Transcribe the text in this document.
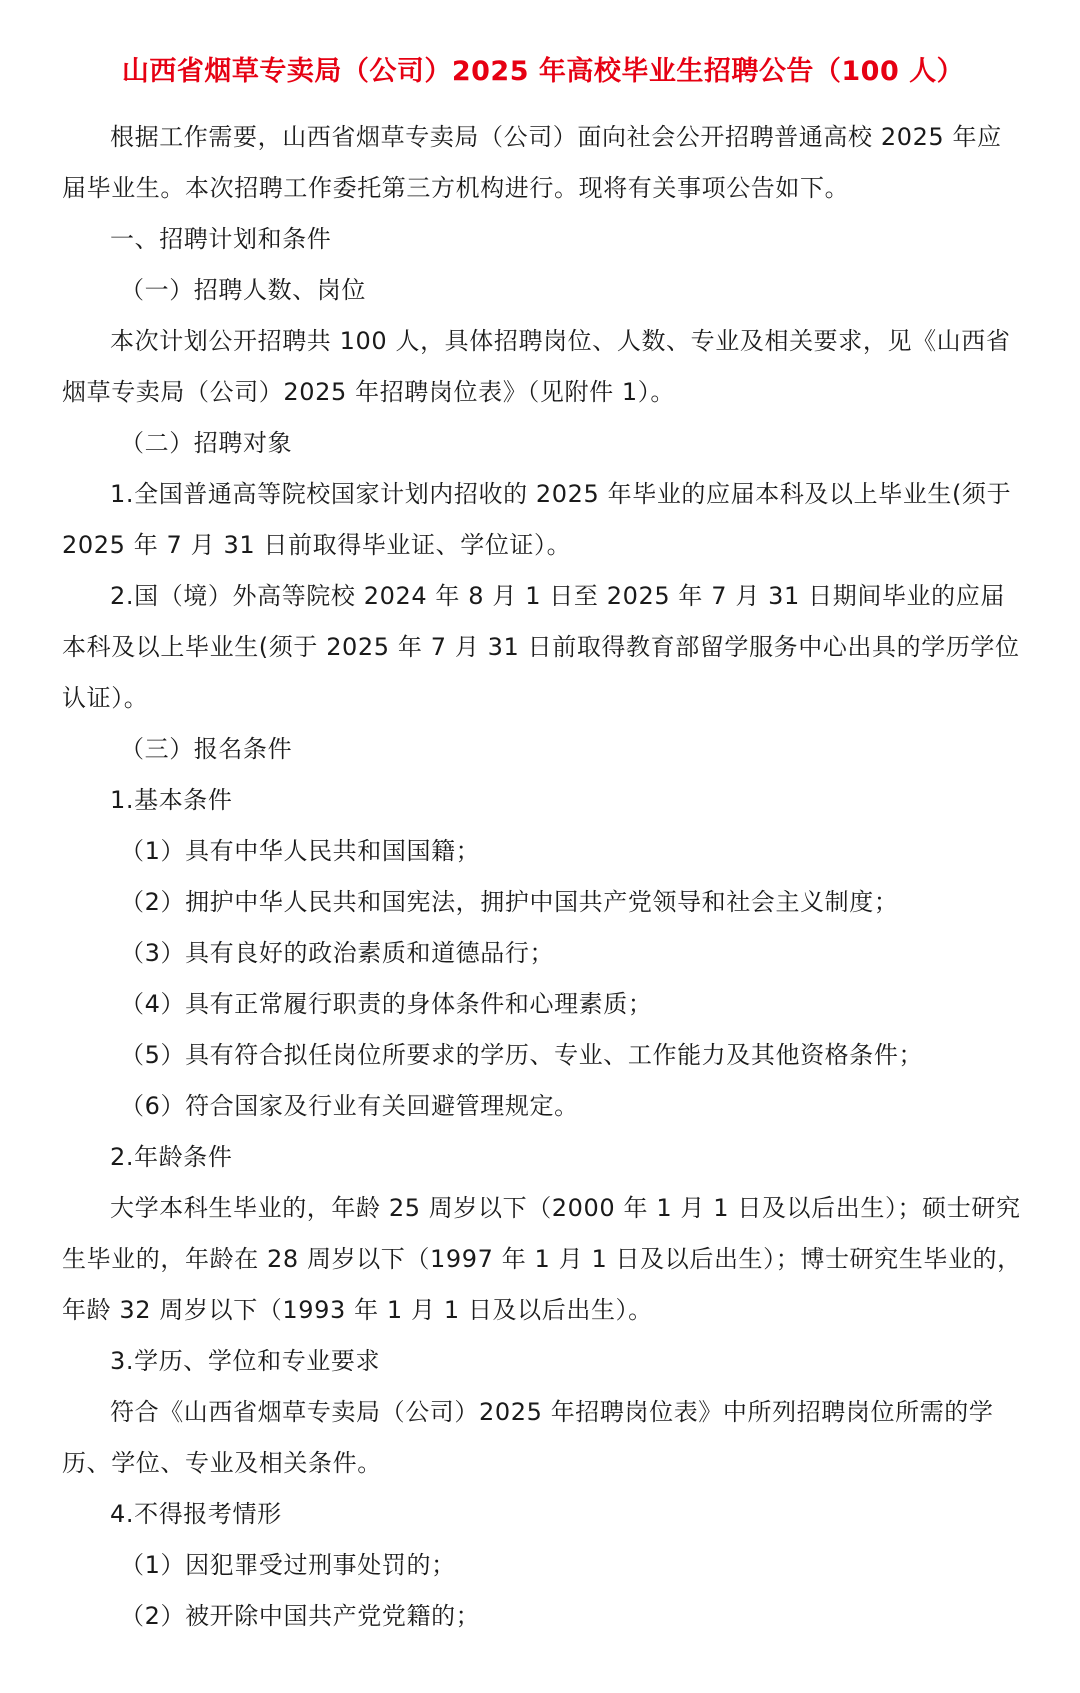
山西省烟草专卖局（公司）2025 年高校毕业生招聘公告（100 人）

根据工作需要，山西省烟草专卖局（公司）面向社会公开招聘普通高校 2025 年应届毕业生。本次招聘工作委托第三方机构进行。现将有关事项公告如下。

一、招聘计划和条件

（一）招聘人数、岗位

本次计划公开招聘共 100 人，具体招聘岗位、人数、专业及相关要求，见《山西省烟草专卖局（公司）2025 年招聘岗位表》（见附件 1）。

（二）招聘对象

1.全国普通高等院校国家计划内招收的 2025 年毕业的应届本科及以上毕业生(须于 2025 年 7 月 31 日前取得毕业证、学位证）。

2.国（境）外高等院校 2024 年 8 月 1 日至 2025 年 7 月 31 日期间毕业的应届本科及以上毕业生(须于 2025 年 7 月 31 日前取得教育部留学服务中心出具的学历学位认证）。

（三）报名条件

1.基本条件

（1）具有中华人民共和国国籍；

（2）拥护中华人民共和国宪法，拥护中国共产党领导和社会主义制度；

（3）具有良好的政治素质和道德品行；

（4）具有正常履行职责的身体条件和心理素质；

（5）具有符合拟任岗位所要求的学历、专业、工作能力及其他资格条件；

（6）符合国家及行业有关回避管理规定。

2.年龄条件

大学本科生毕业的，年龄 25 周岁以下（2000 年 1 月 1 日及以后出生）；硕士研究生毕业的，年龄在 28 周岁以下（1997 年 1 月 1 日及以后出生）；博士研究生毕业的，年龄 32 周岁以下（1993 年 1 月 1 日及以后出生）。

3.学历、学位和专业要求

符合《山西省烟草专卖局（公司）2025 年招聘岗位表》中所列招聘岗位所需的学历、学位、专业及相关条件。

4.不得报考情形

（1）因犯罪受过刑事处罚的；

（2）被开除中国共产党党籍的；
